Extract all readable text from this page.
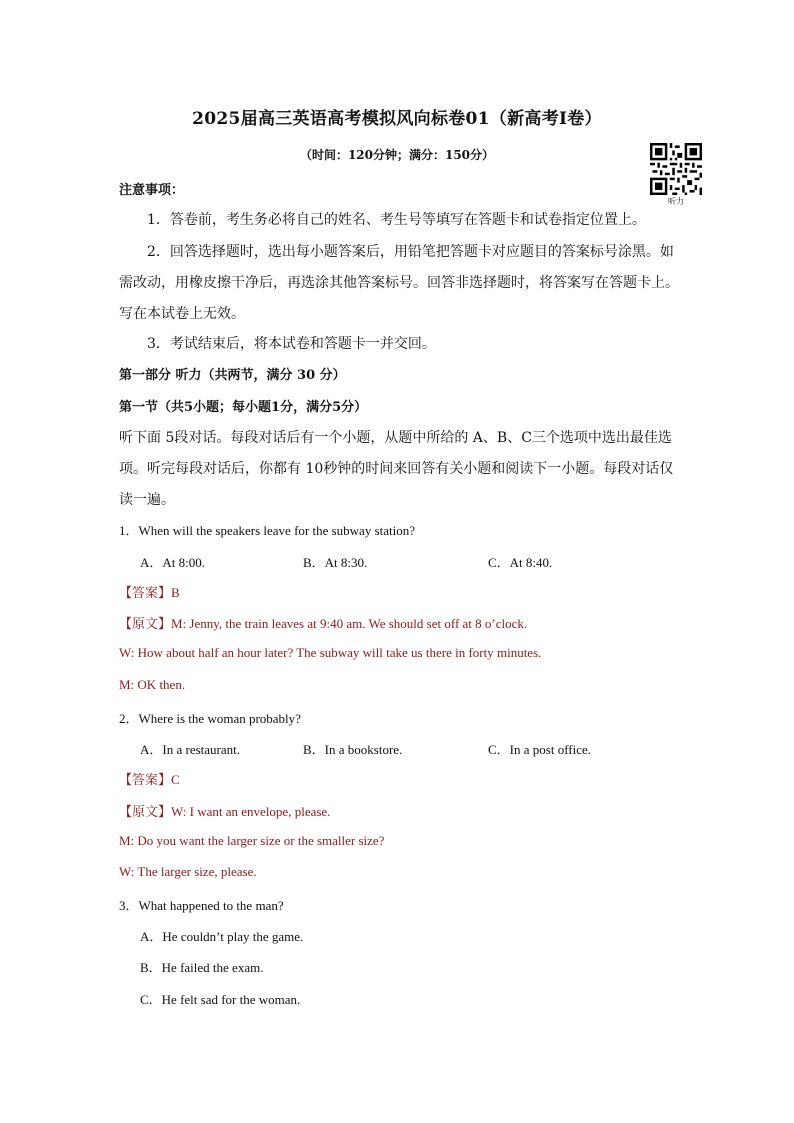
2025届高三英语高考模拟风向标卷01（新高考Ⅰ卷）
（时间：120分钟；满分：150分）
听力
注意事项：
1．答卷前，考生务必将自己的姓名、考生号等填写在答题卡和试卷指定位置上。
2．回答选择题时，选出每小题答案后，用铅笔把答题卡对应题目的答案标号涂黑。如
需改动，用橡皮擦干净后，再选涂其他答案标号。回答非选择题时，将答案写在答题卡上。
写在本试卷上无效。
3．考试结束后，将本试卷和答题卡一并交回。
第一部分 听力（共两节，满分 30 分）
第一节（共5小题；每小题1分，满分5分）
听下面 5段对话。每段对话后有一个小题，从题中所给的 A、B、C三个选项中选出最佳选
项。听完每段对话后，你都有 10秒钟的时间来回答有关小题和阅读下一小题。每段对话仅
读一遍。
1．When will the speakers leave for the subway station?
A．At 8:00.	B．At 8:30.	C．At 8:40.
【答案】B
【原文】M: Jenny, the train leaves at 9:40 am. We should set off at 8 o’clock.
W: How about half an hour later? The subway will take us there in forty minutes.
M: OK then.
2．Where is the woman probably?
A．In a restaurant.	B．In a bookstore.	C．In a post office.
【答案】C
【原文】W: I want an envelope, please.
M: Do you want the larger size or the smaller size?
W: The larger size, please.
3．What happened to the man?
A．He couldn’t play the game.
B．He failed the exam.
C．He felt sad for the woman.
